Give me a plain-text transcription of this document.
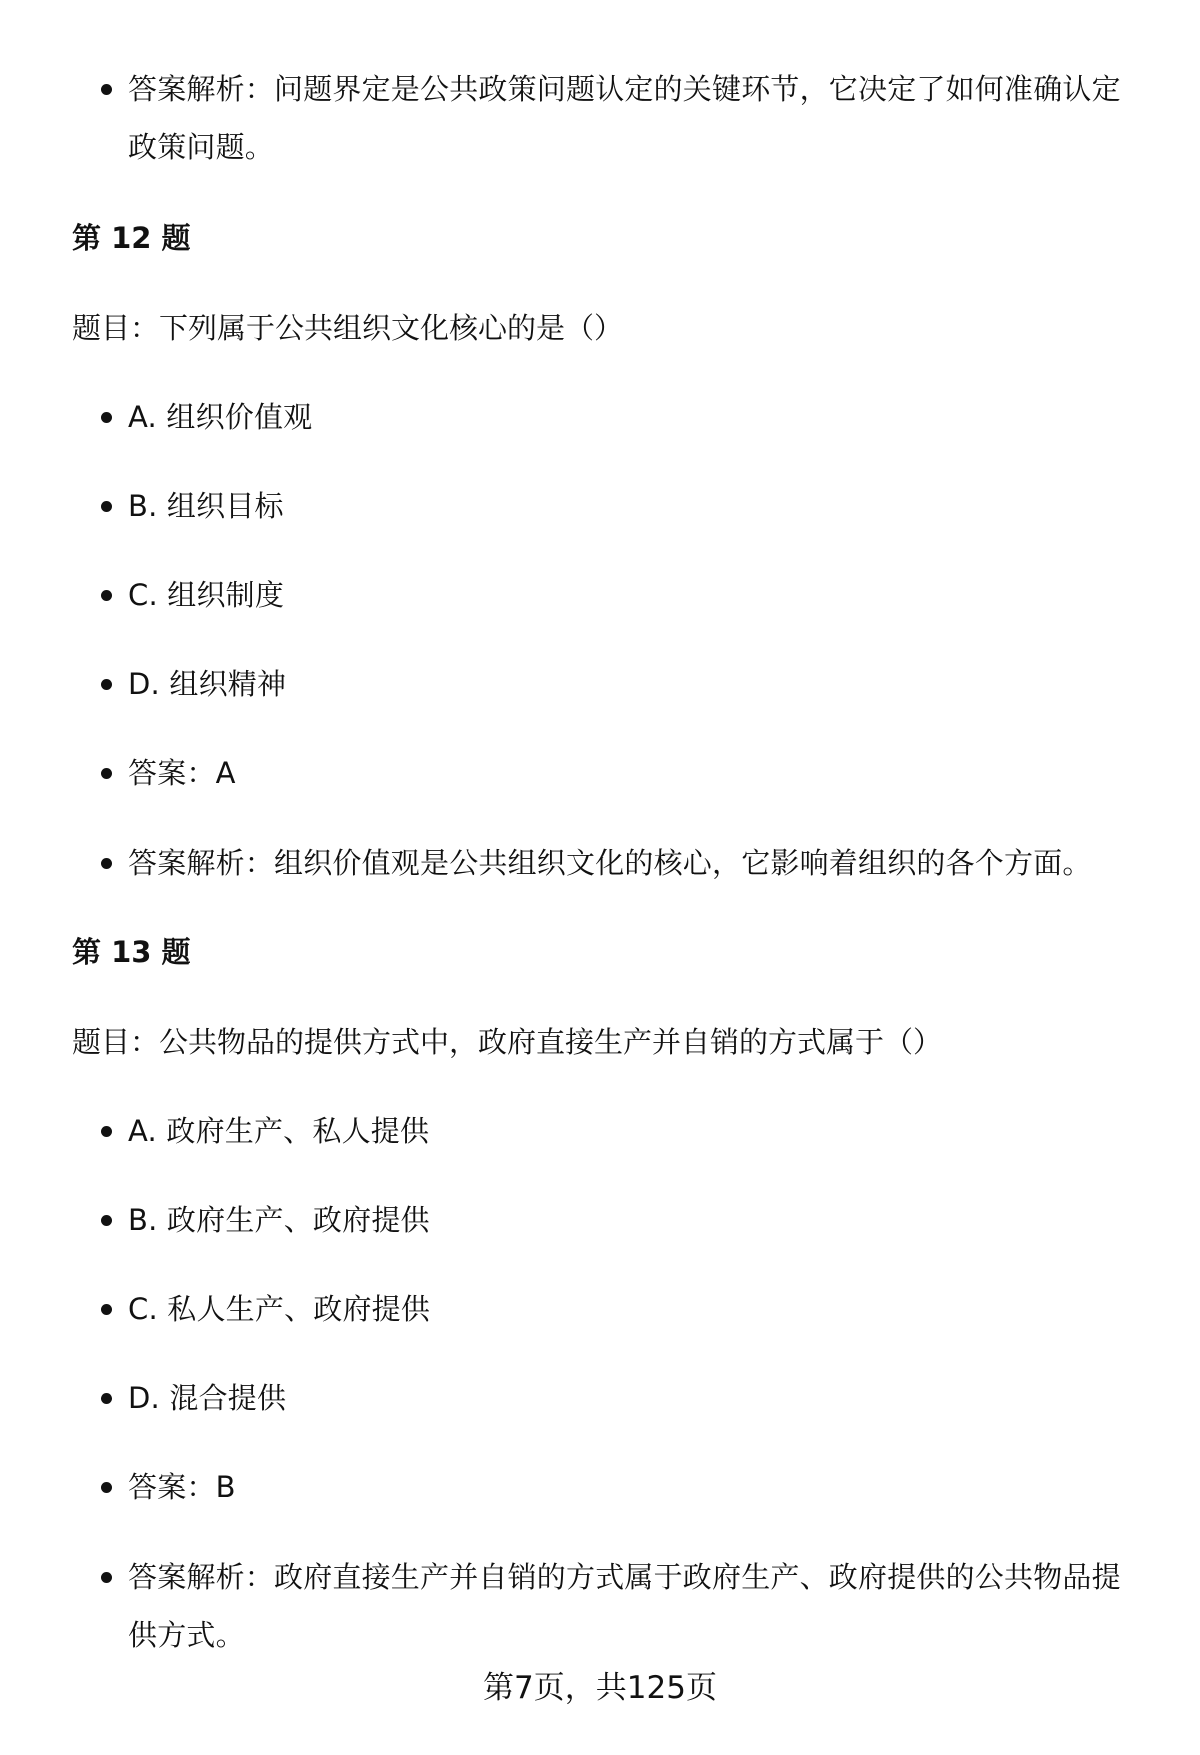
答案解析：问题界定是公共政策问题认定的关键环节，它决定了如何准确认定政策问题。
第 12 题
题目：下列属于公共组织文化核心的是（）
A. 组织价值观
B. 组织目标
C. 组织制度
D. 组织精神
答案：A
答案解析：组织价值观是公共组织文化的核心，它影响着组织的各个方面。
第 13 题
题目：公共物品的提供方式中，政府直接生产并自销的方式属于（）
A. 政府生产、私人提供
B. 政府生产、政府提供
C. 私人生产、政府提供
D. 混合提供
答案：B
答案解析：政府直接生产并自销的方式属于政府生产、政府提供的公共物品提供方式。
第7页，共125页
